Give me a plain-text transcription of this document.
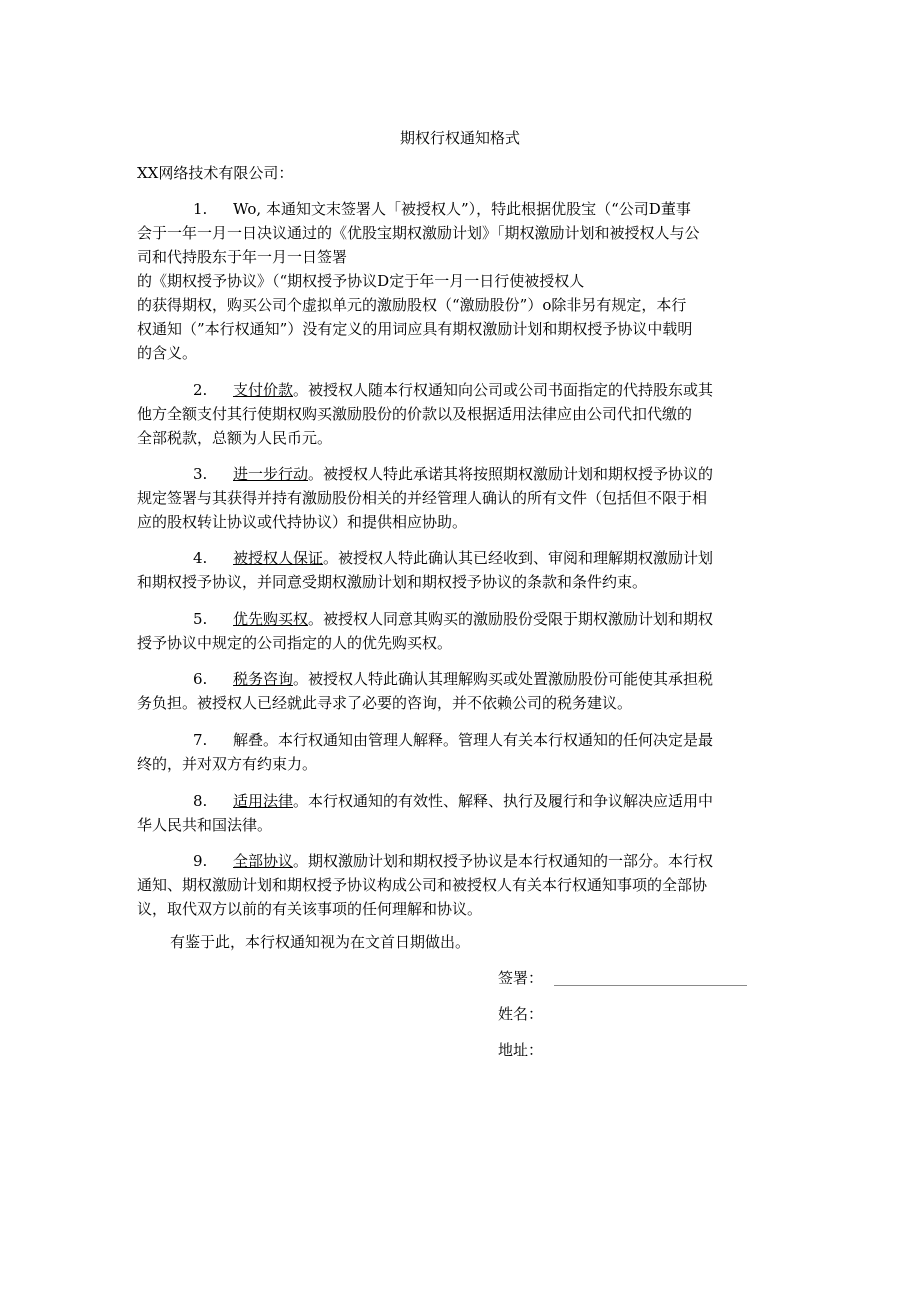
期权行权通知格式
XX网络技术有限公司：
1. Wo, 本通知文末签署人「被授权人”），特此根据优股宝（“公司D董事
会于一年一月一日决议通过的《优股宝期权激励计划》「期权激励计划和被授权人与公
司和代持股东于年一月一日签署
的《期权授予协议》（“期权授予协议D定于年一月一日行使被授权人
的获得期权，购买公司个虚拟单元的激励股权（“激励股份”）o除非另有规定，本行
权通知（”本行权通知”）没有定义的用词应具有期权激励计划和期权授予协议中载明
的含义。
2. 支付价款。被授权人随本行权通知向公司或公司书面指定的代持股东或其
他方全额支付其行使期权购买激励股份的价款以及根据适用法律应由公司代扣代缴的
全部税款，总额为人民币元。
3. 进一步行动。被授权人特此承诺其将按照期权激励计划和期权授予协议的
规定签署与其获得并持有激励股份相关的并经管理人确认的所有文件（包括但不限于相
应的股权转让协议或代持协议）和提供相应协助。
4. 被授权人保证。被授权人特此确认其已经收到、审阅和理解期权激励计划
和期权授予协议，并同意受期权激励计划和期权授予协议的条款和条件约束。
5. 优先购买权。被授权人同意其购买的激励股份受限于期权激励计划和期权
授予协议中规定的公司指定的人的优先购买权。
6. 税务咨询。被授权人特此确认其理解购买或处置激励股份可能使其承担税
务负担。被授权人已经就此寻求了必要的咨询，并不依赖公司的税务建议。
7. 解叠。本行权通知由管理人解释。管理人有关本行权通知的任何决定是最
终的，并对双方有约束力。
8. 适用法律。本行权通知的有效性、解释、执行及履行和争议解决应适用中
华人民共和国法律。
9. 全部协议。期权激励计划和期权授予协议是本行权通知的一部分。本行权
通知、期权激励计划和期权授予协议构成公司和被授权人有关本行权通知事项的全部协
议，取代双方以前的有关该事项的任何理解和协议。
有鉴于此，本行权通知视为在文首日期做出。
签署：
姓名：
地址：
